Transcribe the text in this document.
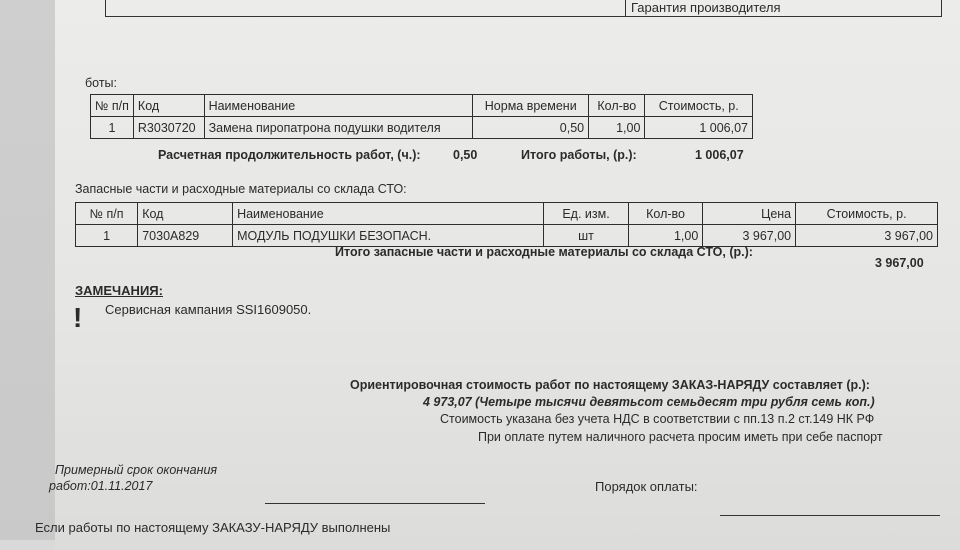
Гарантия производителя
боты:
№ п/п	Код	Наименование	Норма времени	Кол-во	Стоимость, р.
1	R3030720	Замена пиропатрона подушки водителя	0,50	1,00	1 006,07
Расчетная продолжительность работ, (ч.):	0,50	Итого работы, (р.):	1 006,07
Запасные части и расходные материалы со склада СТО:
№ п/п	Код	Наименование	Ед. изм.	Кол-во	Цена	Стоимость, р.
1	7030A829	МОДУЛЬ ПОДУШКИ БЕЗОПАСН.	шт	1,00	3 967,00	3 967,00
Итого запасные части и расходные материалы со склада СТО, (р.):
3 967,00
ЗАМЕЧАНИЯ:
! Сервисная кампания SSI1609050.
Ориентировочная стоимость работ по настоящему ЗАКАЗ-НАРЯДУ составляет (р.):
4 973,07 (Четыре тысячи девятьсот семьдесят три рубля семь коп.)
Стоимость указана без учета НДС в соответствии с пп.13 п.2 ст.149 НК РФ
При оплате путем наличного расчета просим иметь при себе паспорт
Примерный срок окончания
работ:01.11.2017	Порядок оплаты:
Если работы по настоящему ЗАКАЗУ-НАРЯДУ выполнены
